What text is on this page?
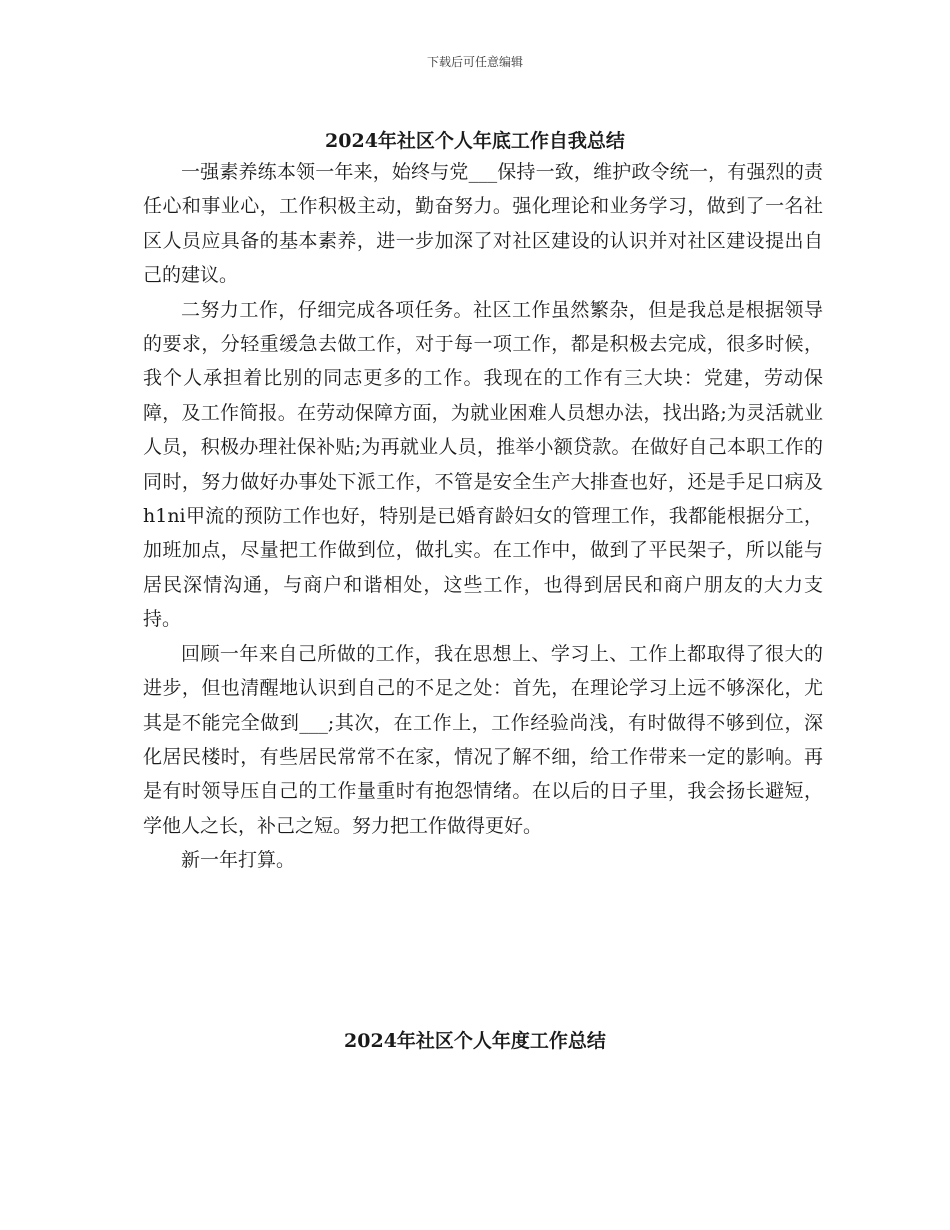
下载后可任意编辑
2024年社区个人年底工作自我总结

一强素养练本领一年来，始终与党___保持一致，维护政令统一，有强烈的责任心和事业心，工作积极主动，勤奋努力。强化理论和业务学习，做到了一名社区人员应具备的基本素养，进一步加深了对社区建设的认识并对社区建设提出自己的建议。

二努力工作，仔细完成各项任务。社区工作虽然繁杂，但是我总是根据领导的要求，分轻重缓急去做工作，对于每一项工作，都是积极去完成，很多时候，我个人承担着比别的同志更多的工作。我现在的工作有三大块：党建，劳动保障，及工作简报。在劳动保障方面，为就业困难人员想办法，找出路;为灵活就业人员，积极办理社保补贴;为再就业人员，推举小额贷款。在做好自己本职工作的同时，努力做好办事处下派工作，不管是安全生产大排查也好，还是手足口病及h1ni甲流的预防工作也好，特别是已婚育龄妇女的管理工作，我都能根据分工，加班加点，尽量把工作做到位，做扎实。在工作中，做到了平民架子，所以能与居民深情沟通，与商户和谐相处，这些工作，也得到居民和商户朋友的大力支持。

回顾一年来自己所做的工作，我在思想上、学习上、工作上都取得了很大的进步，但也清醒地认识到自己的不足之处：首先，在理论学习上远不够深化，尤其是不能完全做到___;其次，在工作上，工作经验尚浅，有时做得不够到位，深化居民楼时，有些居民常常不在家，情况了解不细，给工作带来一定的影响。再是有时领导压自己的工作量重时有抱怨情绪。在以后的日子里，我会扬长避短，学他人之长，补己之短。努力把工作做得更好。

新一年打算。

2024年社区个人年度工作总结
